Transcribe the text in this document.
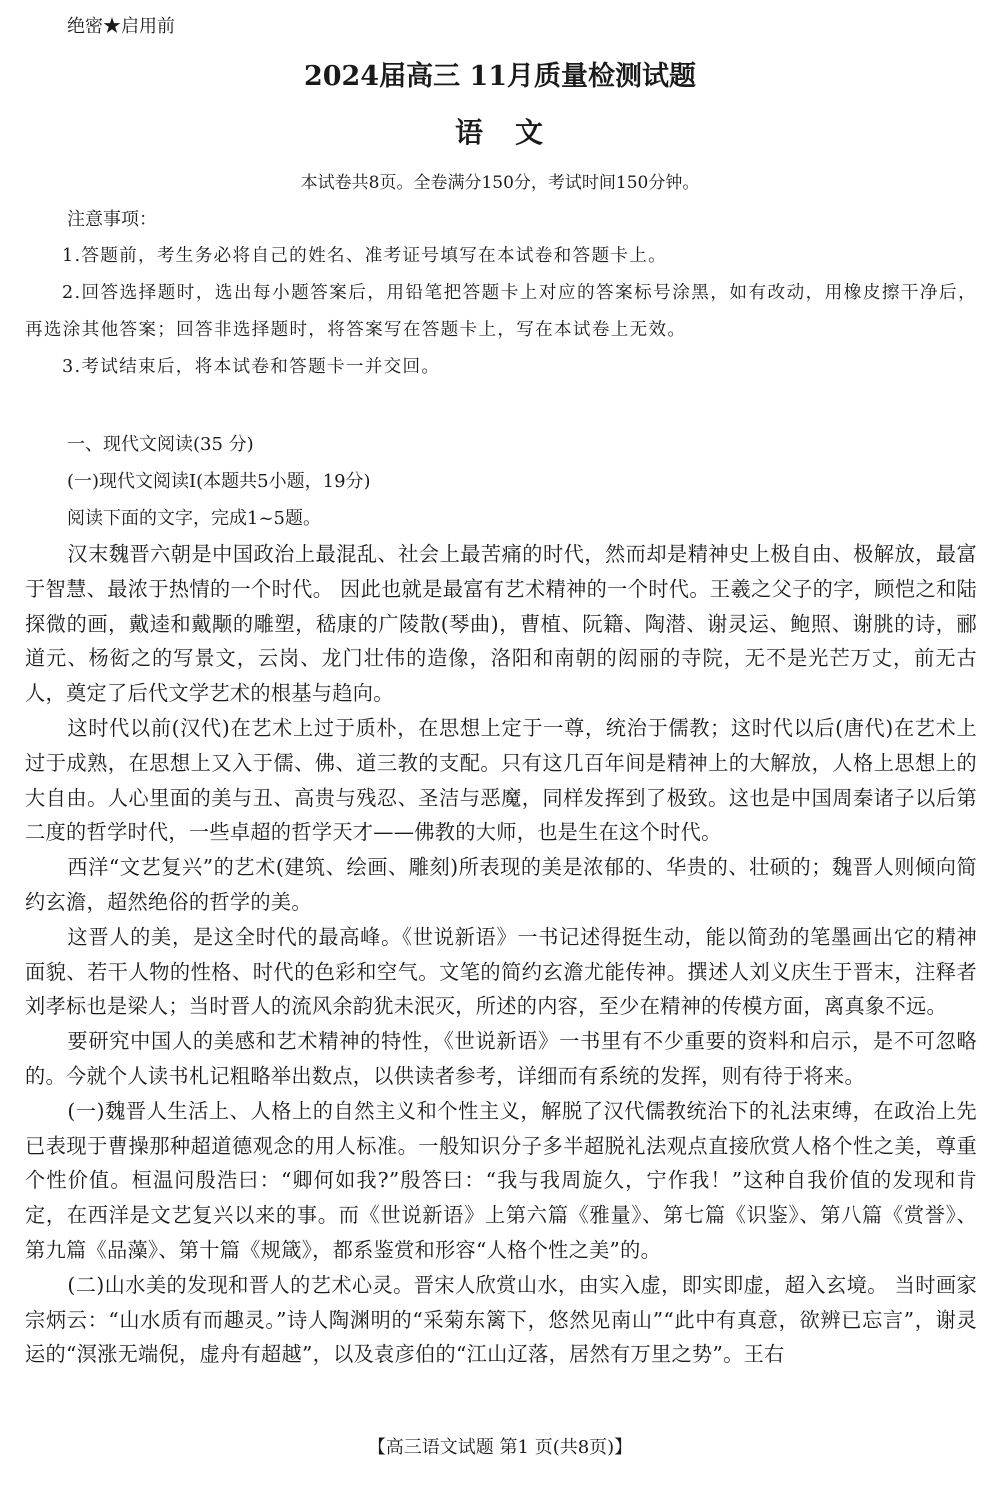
绝密★启用前
2024届高三 11月质量检测试题
语 文
本试卷共8页。全卷满分150分，考试时间150分钟。
注意事项：

1.答题前，考生务必将自己的姓名、准考证号填写在本试卷和答题卡上。

2.回答选择题时，选出每小题答案后，用铅笔把答题卡上对应的答案标号涂黑，如有改动，用橡皮擦干净后，再选涂其他答案；回答非选择题时，将答案写在答题卡上，写在本试卷上无效。

3.考试结束后，将本试卷和答题卡一并交回。

一、现代文阅读(35 分)
(一)现代文阅读Ⅰ(本题共5小题，19分)
阅读下面的文字，完成1~5题。

汉末魏晋六朝是中国政治上最混乱、社会上最苦痛的时代，然而却是精神史上极自由、极解放，最富于智慧、最浓于热情的一个时代。 因此也就是最富有艺术精神的一个时代。王羲之父子的字，顾恺之和陆探微的画，戴逵和戴颙的雕塑，嵇康的广陵散(琴曲)，曹植、阮籍、陶潜、谢灵运、鲍照、谢朓的诗，郦道元、杨衒之的写景文，云岗、龙门壮伟的造像，洛阳和南朝的闳丽的寺院，无不是光芒万丈，前无古人，奠定了后代文学艺术的根基与趋向。

这时代以前(汉代)在艺术上过于质朴，在思想上定于一尊，统治于儒教；这时代以后(唐代)在艺术上过于成熟，在思想上又入于儒、佛、道三教的支配。只有这几百年间是精神上的大解放，人格上思想上的大自由。人心里面的美与丑、高贵与残忍、圣洁与恶魔，同样发挥到了极致。这也是中国周秦诸子以后第二度的哲学时代，一些卓超的哲学天才——佛教的大师，也是生在这个时代。

西洋“文艺复兴”的艺术(建筑、绘画、雕刻)所表现的美是浓郁的、华贵的、壮硕的；魏晋人则倾向简约玄澹，超然绝俗的哲学的美。

这晋人的美，是这全时代的最高峰。《世说新语》一书记述得挺生动，能以简劲的笔墨画出它的精神面貌、若干人物的性格、时代的色彩和空气。文笔的简约玄澹尤能传神。撰述人刘义庆生于晋末，注释者刘孝标也是梁人；当时晋人的流风余韵犹未泯灭，所述的内容，至少在精神的传模方面，离真象不远。

要研究中国人的美感和艺术精神的特性，《世说新语》一书里有不少重要的资料和启示，是不可忽略的。今就个人读书札记粗略举出数点，以供读者参考，详细而有系统的发挥，则有待于将来。

(一)魏晋人生活上、人格上的自然主义和个性主义，解脱了汉代儒教统治下的礼法束缚，在政治上先已表现于曹操那种超道德观念的用人标准。一般知识分子多半超脱礼法观点直接欣赏人格个性之美，尊重个性价值。桓温问殷浩曰：“卿何如我?”殷答曰：“我与我周旋久，宁作我！”这种自我价值的发现和肯定，在西洋是文艺复兴以来的事。而《世说新语》上第六篇《雅量》、第七篇《识鉴》、第八篇《赏誉》、第九篇《品藻》、第十篇《规箴》，都系鉴赏和形容“人格个性之美”的。

(二)山水美的发现和晋人的艺术心灵。晋宋人欣赏山水，由实入虚，即实即虚，超入玄境。 当时画家宗炳云：“山水质有而趣灵。”诗人陶渊明的“采菊东篱下，悠然见南山”“此中有真意，欲辨已忘言”，谢灵运的“溟涨无端倪，虚舟有超越”，以及袁彦伯的“江山辽落，居然有万里之势”。王右

【高三语文试题 第1 页(共8页)】
